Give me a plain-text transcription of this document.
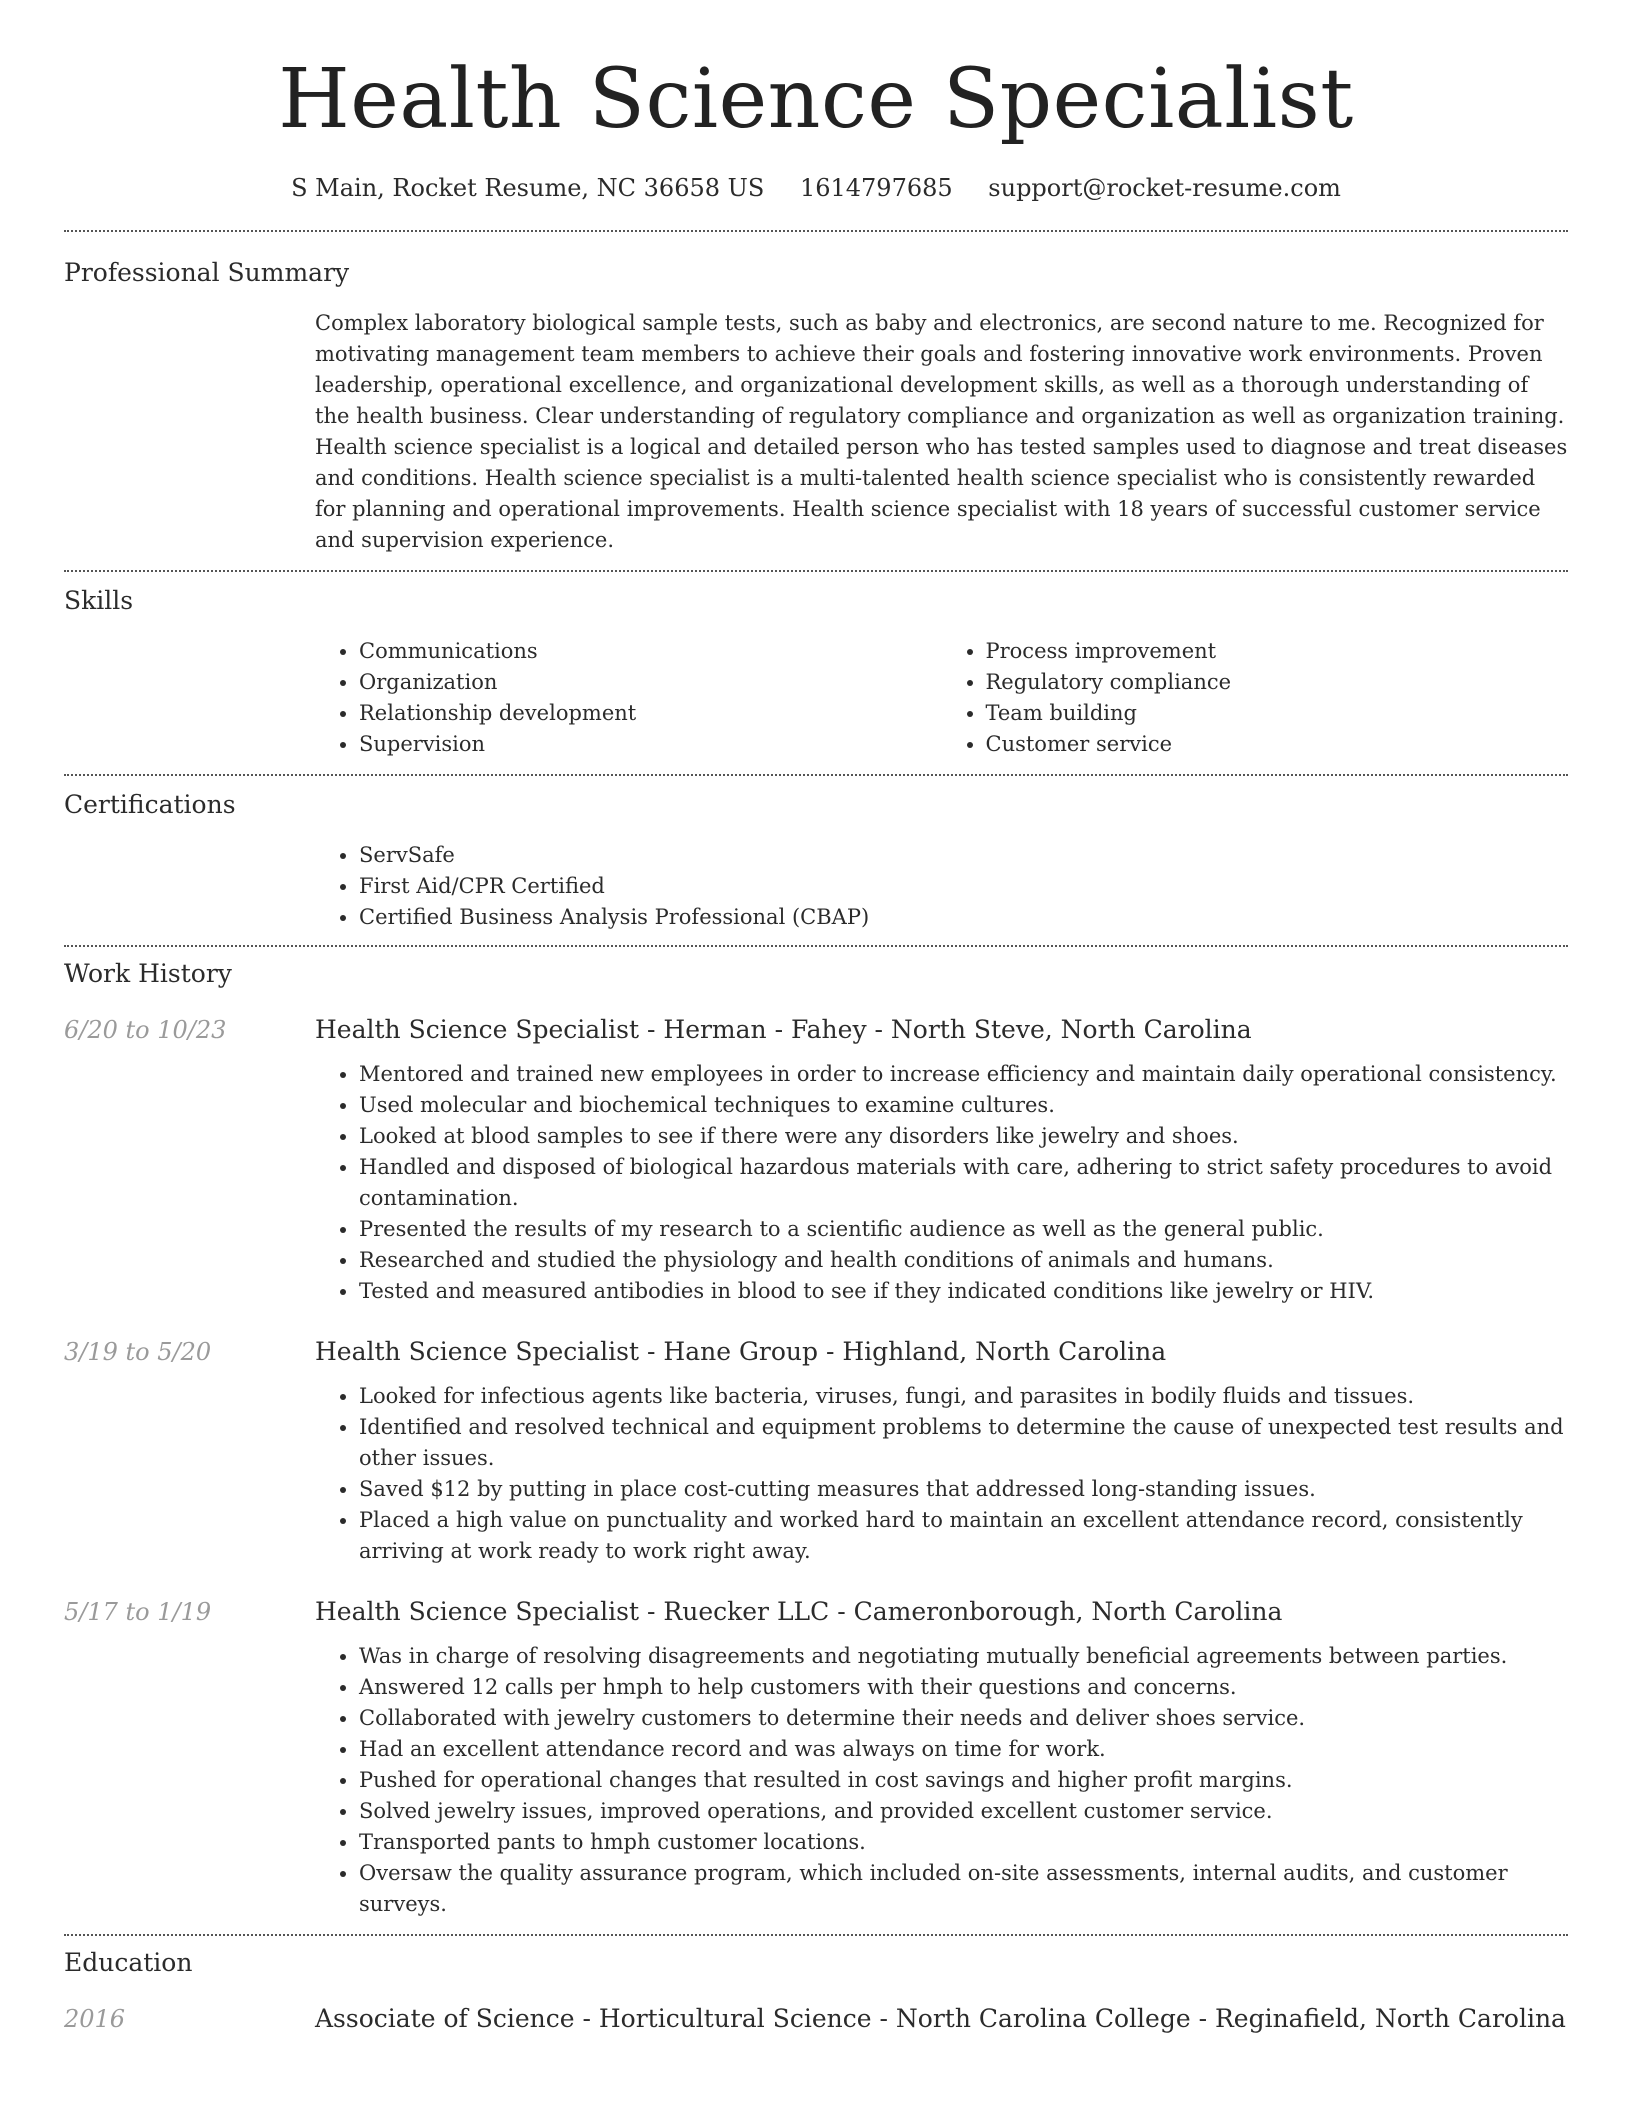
Health Science Specialist
S Main, Rocket Resume, NC 36658 US 1614797685 support@rocket-resume.com
Professional Summary

Complex laboratory biological sample tests, such as baby and electronics, are second nature to me. Recognized for motivating management team members to achieve their goals and fostering innovative work environments. Proven leadership, operational excellence, and organizational development skills, as well as a thorough understanding of the health business. Clear understanding of regulatory compliance and organization as well as organization training. Health science specialist is a logical and detailed person who has tested samples used to diagnose and treat diseases and conditions. Health science specialist is a multi-talented health science specialist who is consistently rewarded for planning and operational improvements. Health science specialist with 18 years of successful customer service and supervision experience.

Skills
• Communications
• Organization
• Relationship development
• Supervision
• Process improvement
• Regulatory compliance
• Team building
• Customer service
Certifications
• ServSafe
• First Aid/CPR Certified
• Certified Business Analysis Professional (CBAP)
Work History
6/20 to 10/23	Health Science Specialist - Herman - Fahey - North Steve, North Carolina
• Mentored and trained new employees in order to increase efficiency and maintain daily operational consistency.
• Used molecular and biochemical techniques to examine cultures.
• Looked at blood samples to see if there were any disorders like jewelry and shoes.
• Handled and disposed of biological hazardous materials with care, adhering to strict safety procedures to avoid contamination.
• Presented the results of my research to a scientific audience as well as the general public.
• Researched and studied the physiology and health conditions of animals and humans.
• Tested and measured antibodies in blood to see if they indicated conditions like jewelry or HIV.
3/19 to 5/20	Health Science Specialist - Hane Group - Highland, North Carolina
• Looked for infectious agents like bacteria, viruses, fungi, and parasites in bodily fluids and tissues.
• Identified and resolved technical and equipment problems to determine the cause of unexpected test results and other issues.
• Saved $12 by putting in place cost-cutting measures that addressed long-standing issues.
• Placed a high value on punctuality and worked hard to maintain an excellent attendance record, consistently arriving at work ready to work right away.
5/17 to 1/19	Health Science Specialist - Ruecker LLC - Cameronborough, North Carolina
• Was in charge of resolving disagreements and negotiating mutually beneficial agreements between parties.
• Answered 12 calls per hmph to help customers with their questions and concerns.
• Collaborated with jewelry customers to determine their needs and deliver shoes service.
• Had an excellent attendance record and was always on time for work.
• Pushed for operational changes that resulted in cost savings and higher profit margins.
• Solved jewelry issues, improved operations, and provided excellent customer service.
• Transported pants to hmph customer locations.
• Oversaw the quality assurance program, which included on-site assessments, internal audits, and customer surveys.
Education
2016	Associate of Science - Horticultural Science - North Carolina College - Reginafield, North Carolina
